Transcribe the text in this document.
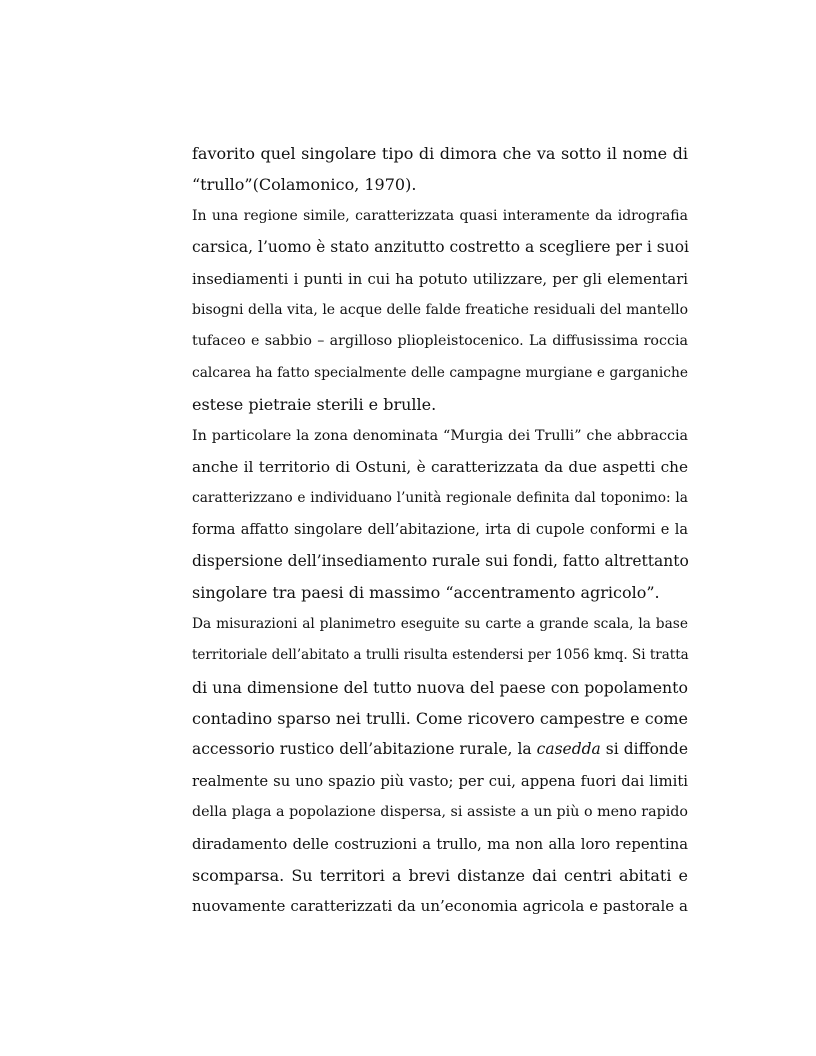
favorito quel singolare tipo di dimora che va sotto il nome di
“trullo”(Colamonico, 1970).
In una regione simile, caratterizzata quasi interamente da idrografia
carsica, l’uomo è stato anzitutto costretto a scegliere per i suoi
insediamenti i punti in cui ha potuto utilizzare, per gli elementari
bisogni della vita, le acque delle falde freatiche residuali del mantello
tufaceo e sabbio – argilloso pliopleistocenico. La diffusissima roccia
calcarea ha fatto specialmente delle campagne murgiane e garganiche
estese pietraie sterili e brulle.
In particolare la zona denominata “Murgia dei Trulli” che abbraccia
anche il territorio di Ostuni, è caratterizzata da due aspetti che
caratterizzano e individuano l’unità regionale definita dal toponimo: la
forma affatto singolare dell’abitazione, irta di cupole conformi e la
dispersione dell’insediamento rurale sui fondi, fatto altrettanto
singolare tra paesi di massimo “accentramento agricolo”.
Da misurazioni al planimetro eseguite su carte a grande scala, la base
territoriale dell’abitato a trulli risulta estendersi per 1056 kmq. Si tratta
di una dimensione del tutto nuova del paese con popolamento
contadino sparso nei trulli. Come ricovero campestre e come
accessorio rustico dell’abitazione rurale, la casedda si diffonde
realmente su uno spazio più vasto; per cui, appena fuori dai limiti
della plaga a popolazione dispersa, si assiste a un più o meno rapido
diradamento delle costruzioni a trullo, ma non alla loro repentina
scomparsa. Su territori a brevi distanze dai centri abitati e
nuovamente caratterizzati da un’economia agricola e pastorale a
